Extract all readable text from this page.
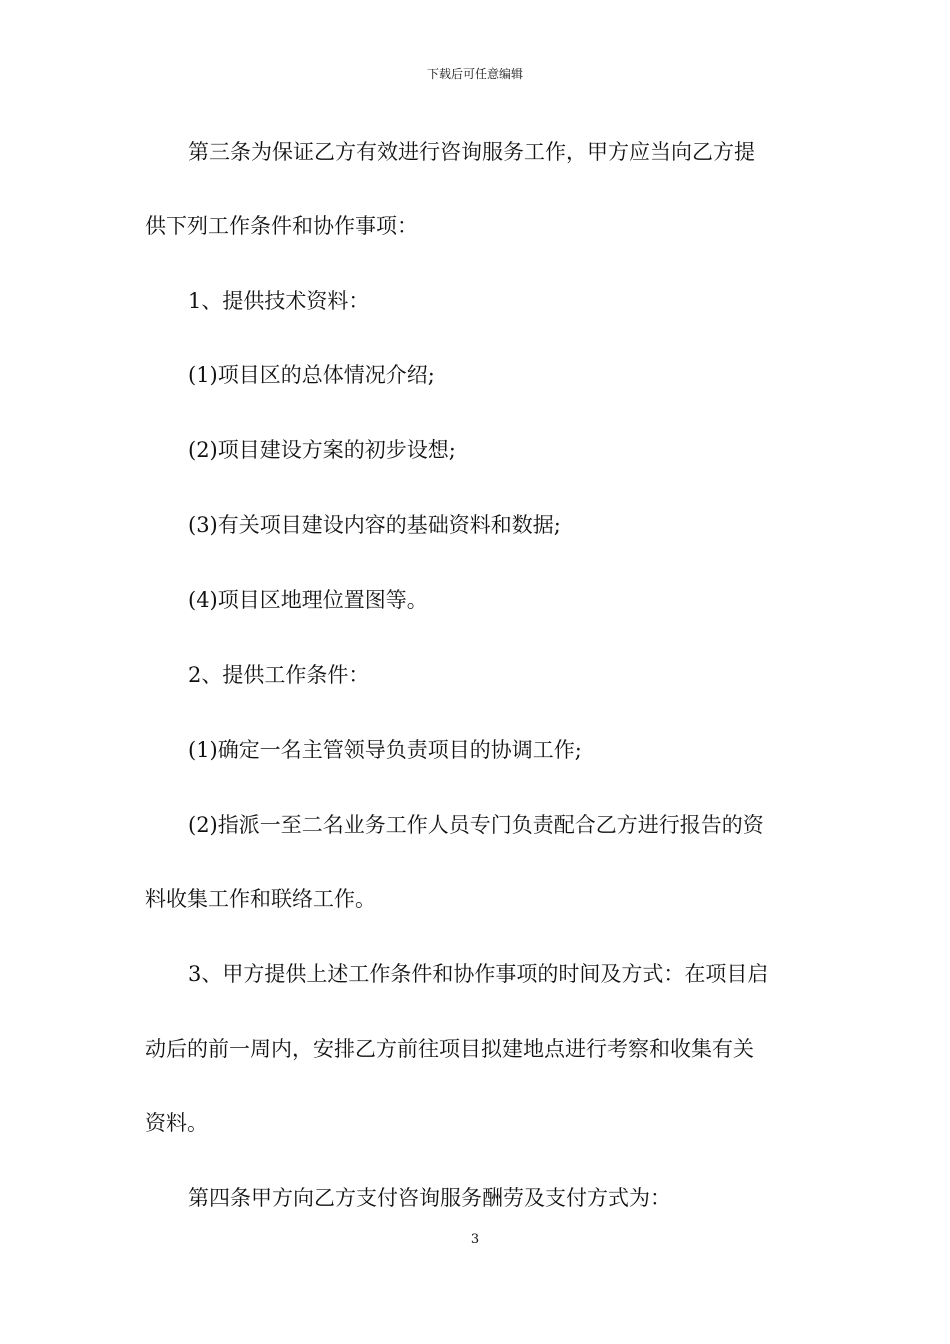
下载后可任意编辑
第三条为保证乙方有效进行咨询服务工作，甲方应当向乙方提
供下列工作条件和协作事项：
1、提供技术资料：
(1)项目区的总体情况介绍;
(2)项目建设方案的初步设想;
(3)有关项目建设内容的基础资料和数据;
(4)项目区地理位置图等。
2、提供工作条件：
(1)确定一名主管领导负责项目的协调工作;
(2)指派一至二名业务工作人员专门负责配合乙方进行报告的资
料收集工作和联络工作。
3、甲方提供上述工作条件和协作事项的时间及方式：在项目启
动后的前一周内，安排乙方前往项目拟建地点进行考察和收集有关
资料。
第四条甲方向乙方支付咨询服务酬劳及支付方式为：
3
